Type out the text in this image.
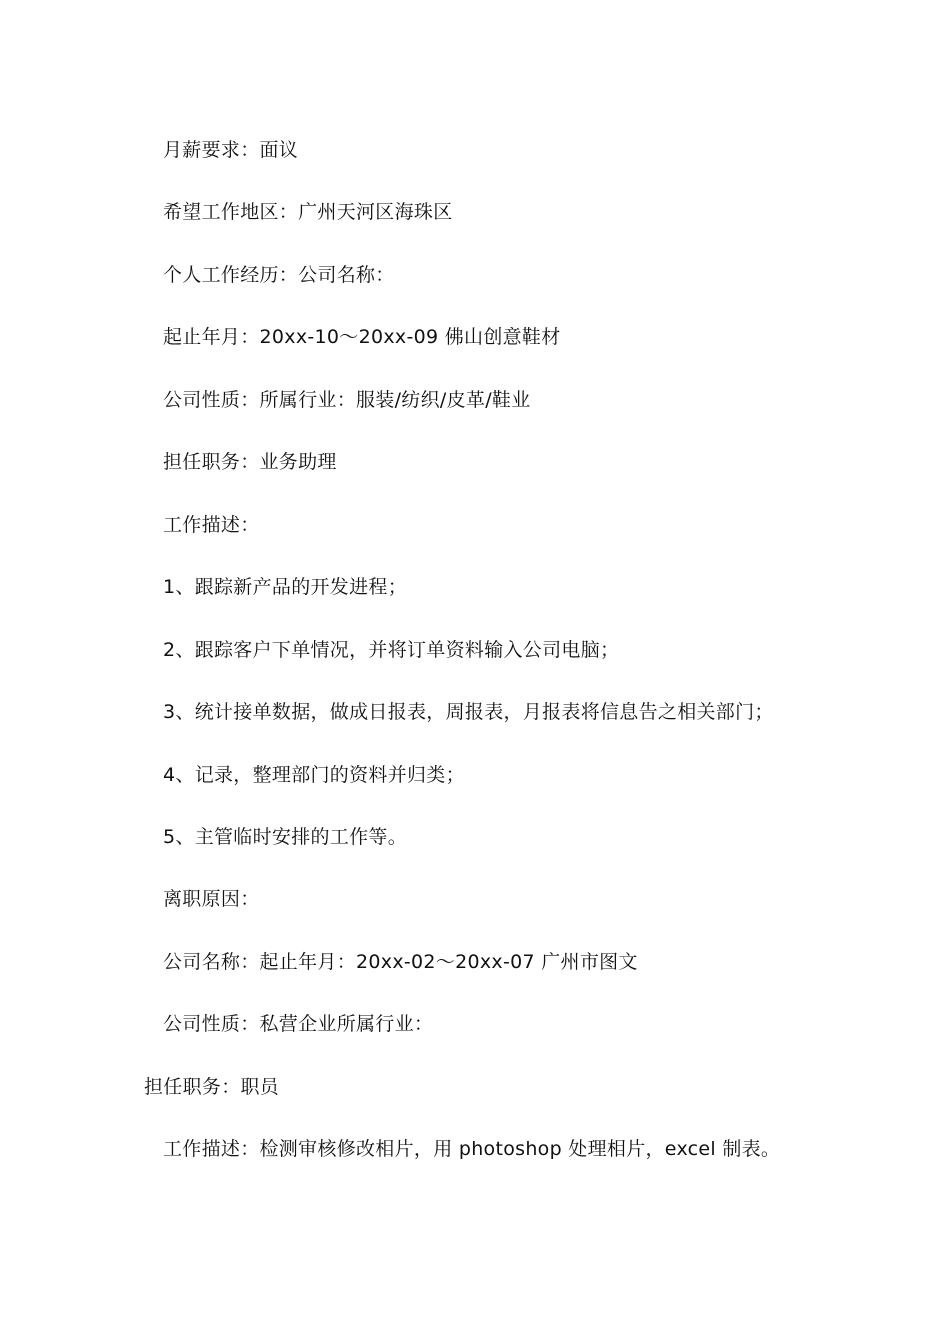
月薪要求：面议
希望工作地区：广州天河区海珠区
个人工作经历：公司名称：
起止年月：20xx-10～20xx-09 佛山创意鞋材
公司性质：所属行业：服装/纺织/皮革/鞋业
担任职务：业务助理
工作描述：
1、跟踪新产品的开发进程；
2、跟踪客户下单情况，并将订单资料输入公司电脑；
3、统计接单数据，做成日报表，周报表，月报表将信息告之相关部门；
4、记录，整理部门的资料并归类；
5、主管临时安排的工作等。
离职原因：
公司名称：起止年月：20xx-02～20xx-07 广州市图文
公司性质：私营企业所属行业：
担任职务：职员
工作描述：检测审核修改相片，用 photoshop 处理相片，excel 制表。
